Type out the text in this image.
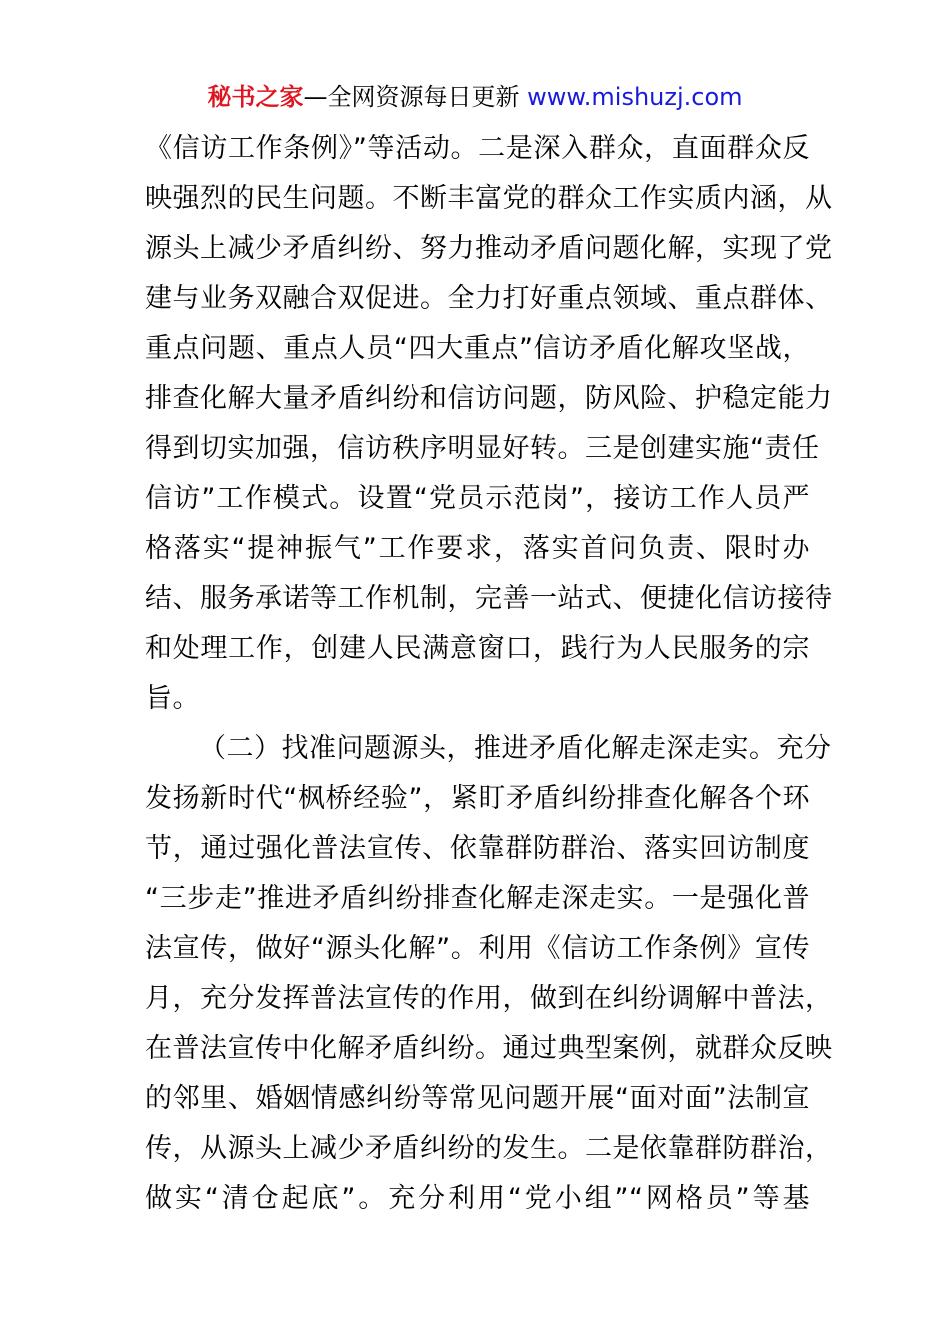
秘书之家—全网资源每日更新 www.mishuzj.com
《信访工作条例》”等活动。二是深入群众，直面群众反
映强烈的民生问题。不断丰富党的群众工作实质内涵，从
源头上减少矛盾纠纷、努力推动矛盾问题化解，实现了党
建与业务双融合双促进。全力打好重点领域、重点群体、
重点问题、重点人员“四大重点”信访矛盾化解攻坚战，
排查化解大量矛盾纠纷和信访问题，防风险、护稳定能力
得到切实加强，信访秩序明显好转。三是创建实施“责任
信访”工作模式。设置“党员示范岗”，接访工作人员严
格落实“提神振气”工作要求，落实首问负责、限时办
结、服务承诺等工作机制，完善一站式、便捷化信访接待
和处理工作，创建人民满意窗口，践行为人民服务的宗
旨。
（二）找准问题源头，推进矛盾化解走深走实。充分
发扬新时代“枫桥经验”，紧盯矛盾纠纷排查化解各个环
节，通过强化普法宣传、依靠群防群治、落实回访制度
“三步走”推进矛盾纠纷排查化解走深走实。一是强化普
法宣传，做好“源头化解”。利用《信访工作条例》宣传
月，充分发挥普法宣传的作用，做到在纠纷调解中普法，
在普法宣传中化解矛盾纠纷。通过典型案例，就群众反映
的邻里、婚姻情感纠纷等常见问题开展“面对面”法制宣
传，从源头上减少矛盾纠纷的发生。二是依靠群防群治，
做实“清仓起底”。充分利用“党小组”“网格员”等基
